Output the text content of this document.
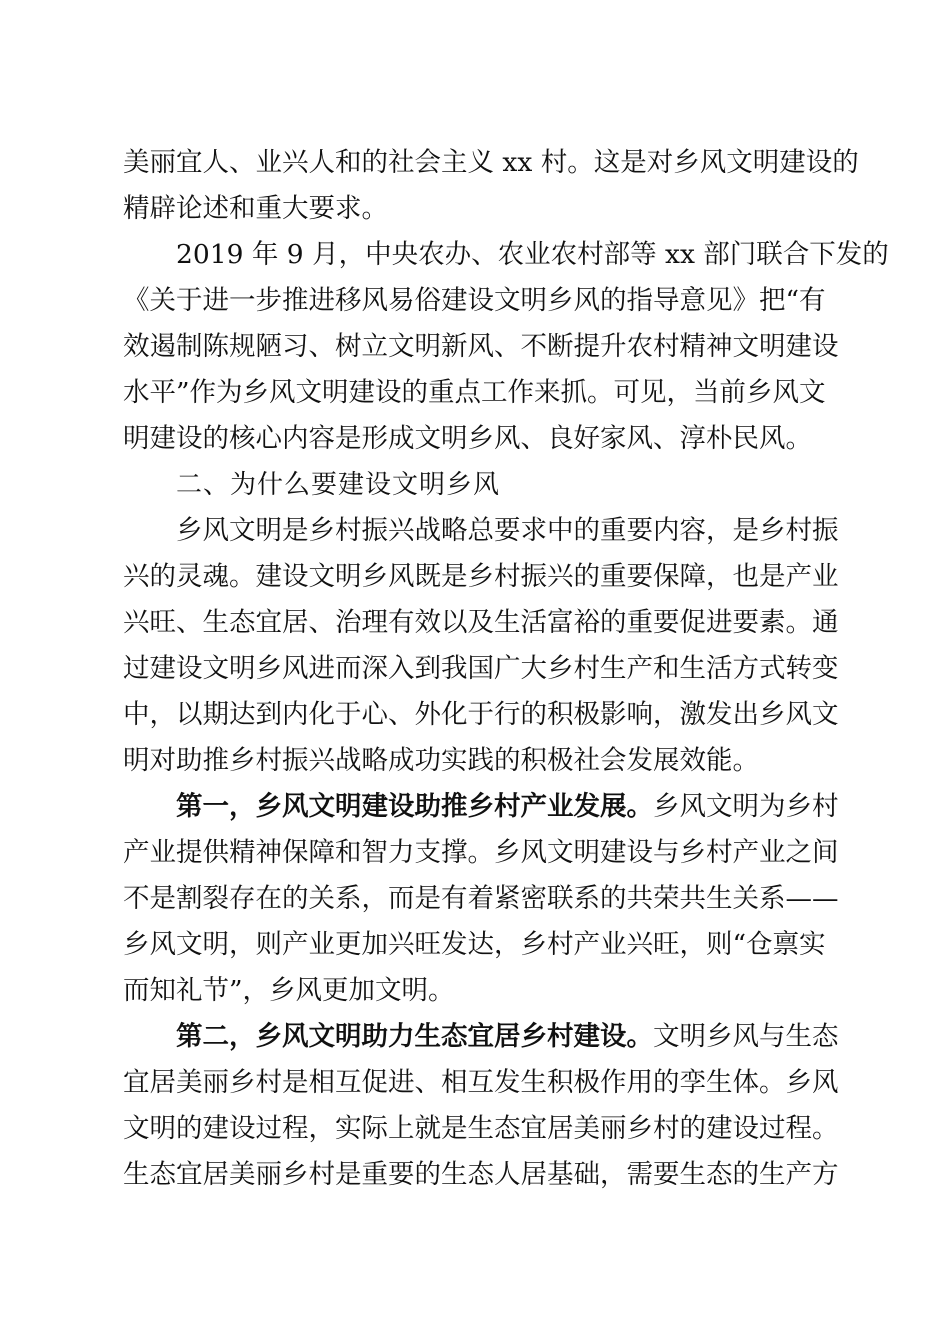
美丽宜人、业兴人和的社会主义 xx 村。这是对乡风文明建设的
精辟论述和重大要求。
2019 年 9 月，中央农办、农业农村部等 xx 部门联合下发的
《关于进一步推进移风易俗建设文明乡风的指导意见》把“有
效遏制陈规陋习、树立文明新风、不断提升农村精神文明建设
水平”作为乡风文明建设的重点工作来抓。可见，当前乡风文
明建设的核心内容是形成文明乡风、良好家风、淳朴民风。
二、为什么要建设文明乡风
乡风文明是乡村振兴战略总要求中的重要内容，是乡村振
兴的灵魂。建设文明乡风既是乡村振兴的重要保障，也是产业
兴旺、生态宜居、治理有效以及生活富裕的重要促进要素。通
过建设文明乡风进而深入到我国广大乡村生产和生活方式转变
中，以期达到内化于心、外化于行的积极影响，激发出乡风文
明对助推乡村振兴战略成功实践的积极社会发展效能。
第一，乡风文明建设助推乡村产业发展。乡风文明为乡村
产业提供精神保障和智力支撑。乡风文明建设与乡村产业之间
不是割裂存在的关系，而是有着紧密联系的共荣共生关系——
乡风文明，则产业更加兴旺发达，乡村产业兴旺，则“仓禀实
而知礼节”，乡风更加文明。
第二，乡风文明助力生态宜居乡村建设。文明乡风与生态
宜居美丽乡村是相互促进、相互发生积极作用的孪生体。乡风
文明的建设过程，实际上就是生态宜居美丽乡村的建设过程。
生态宜居美丽乡村是重要的生态人居基础，需要生态的生产方
